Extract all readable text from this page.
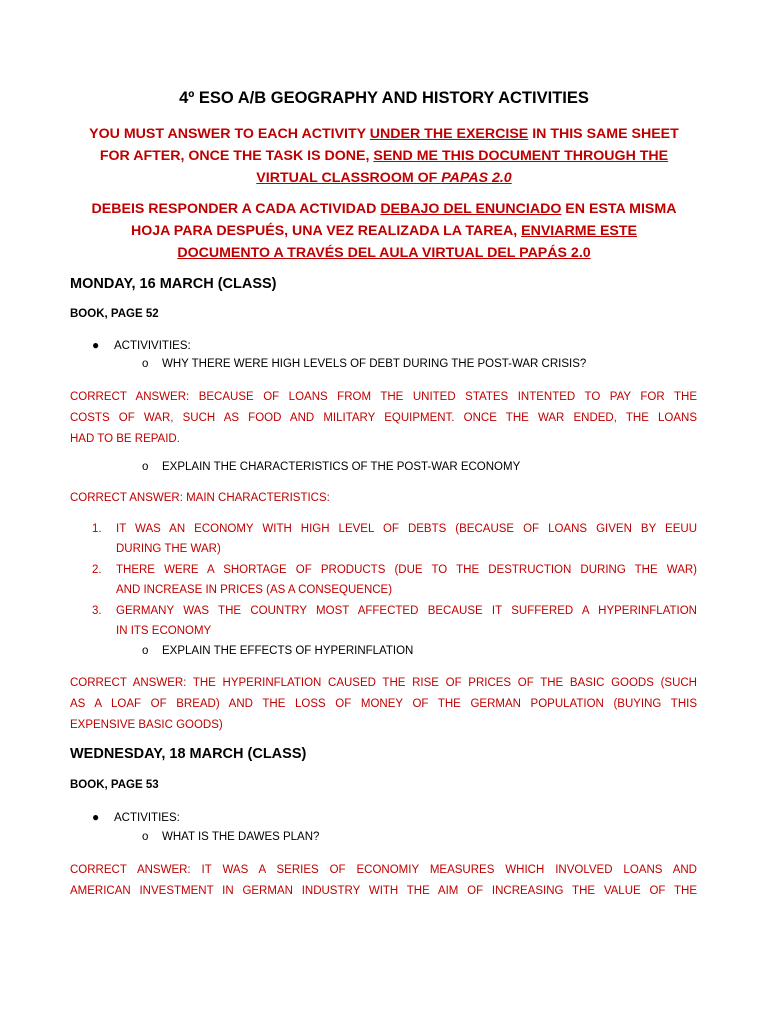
4º ESO A/B GEOGRAPHY AND HISTORY ACTIVITIES
YOU MUST ANSWER TO EACH ACTIVITY UNDER THE EXERCISE IN THIS SAME SHEET
FOR AFTER, ONCE THE TASK IS DONE, SEND ME THIS DOCUMENT THROUGH THE
VIRTUAL CLASSROOM OF PAPAS 2.0
DEBEIS RESPONDER A CADA ACTIVIDAD DEBAJO DEL ENUNCIADO EN ESTA MISMA
HOJA PARA DESPUÉS, UNA VEZ REALIZADA LA TAREA, ENVIARME ESTE
DOCUMENTO A TRAVÉS DEL AULA VIRTUAL DEL PAPÁS 2.0
MONDAY, 16 MARCH (CLASS)
BOOK, PAGE 52
● ACTIVIVITIES:
o WHY THERE WERE HIGH LEVELS OF DEBT DURING THE POST-WAR CRISIS?
CORRECT ANSWER: BECAUSE OF LOANS FROM THE UNITED STATES INTENTED TO PAY FOR THE
COSTS OF WAR, SUCH AS FOOD AND MILITARY EQUIPMENT. ONCE THE WAR ENDED, THE LOANS
HAD TO BE REPAID.
o EXPLAIN THE CHARACTERISTICS OF THE POST-WAR ECONOMY
CORRECT ANSWER: MAIN CHARACTERISTICS:
1. IT WAS AN ECONOMY WITH HIGH LEVEL OF DEBTS (BECAUSE OF LOANS GIVEN BY EEUU
DURING THE WAR)
2. THERE WERE A SHORTAGE OF PRODUCTS (DUE TO THE DESTRUCTION DURING THE WAR)
AND INCREASE IN PRICES (AS A CONSEQUENCE)
3. GERMANY WAS THE COUNTRY MOST AFFECTED BECAUSE IT SUFFERED A HYPERINFLATION
IN ITS ECONOMY
o EXPLAIN THE EFFECTS OF HYPERINFLATION
CORRECT ANSWER: THE HYPERINFLATION CAUSED THE RISE OF PRICES OF THE BASIC GOODS (SUCH
AS A LOAF OF BREAD) AND THE LOSS OF MONEY OF THE GERMAN POPULATION (BUYING THIS
EXPENSIVE BASIC GOODS)
WEDNESDAY, 18 MARCH (CLASS)
BOOK, PAGE 53
● ACTIVITIES:
o WHAT IS THE DAWES PLAN?
CORRECT ANSWER: IT WAS A SERIES OF ECONOMIY MEASURES WHICH INVOLVED LOANS AND
AMERICAN INVESTMENT IN GERMAN INDUSTRY WITH THE AIM OF INCREASING THE VALUE OF THE
